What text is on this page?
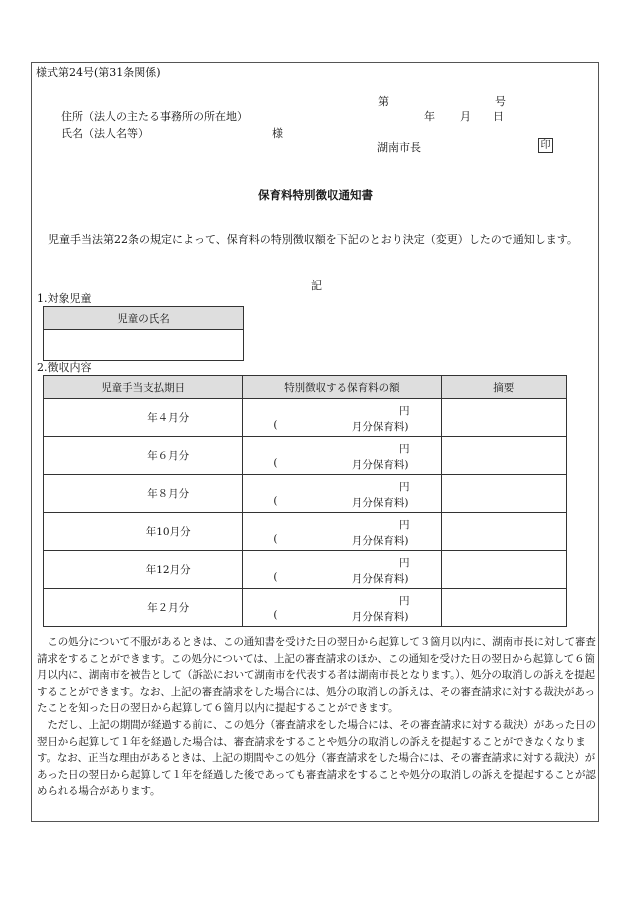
様式第24号(第31条関係)
第	号
住所（法人の主たる事務所の所在地）	年 月 日
氏名（法人名等）	様
湖南市長	印
保育料特別徴収通知書
児童手当法第22条の規定によって、保育料の特別徴収額を下記のとおり決定（変更）したので通知します。
記
1.対象児童
児童の氏名

2.徴収内容
児童手当支払期日	特別徴収する保育料の額	摘要

年４月分	円
( 月分保育料)	

年６月分	円
( 月分保育料)	

年８月分	円
( 月分保育料)	

年10月分	円
( 月分保育料)	

年12月分	円
( 月分保育料)	

年２月分	円
( 月分保育料)	

　この処分について不服があるときは、この通知書を受けた日の翌日から起算して３箇月以内に、湖南市長に対して審査請求をすることができます。この処分については、上記の審査請求のほか、この通知を受けた日の翌日から起算して６箇月以内に、湖南市を被告として（訴訟において湖南市を代表する者は湖南市長となります。）、処分の取消しの訴えを提起することができます。なお、上記の審査請求をした場合には、処分の取消しの訴えは、その審査請求に対する裁決があったことを知った日の翌日から起算して６箇月以内に提起することができます。
　ただし、上記の期間が経過する前に、この処分（審査請求をした場合には、その審査請求に対する裁決）があった日の翌日から起算して１年を経過した場合は、審査請求をすることや処分の取消しの訴えを提起することができなくなります。なお、正当な理由があるときは、上記の期間やこの処分（審査請求をした場合には、その審査請求に対する裁決）があった日の翌日から起算して１年を経過した後であっても審査請求をすることや処分の取消しの訴えを提起することが認められる場合があります。
